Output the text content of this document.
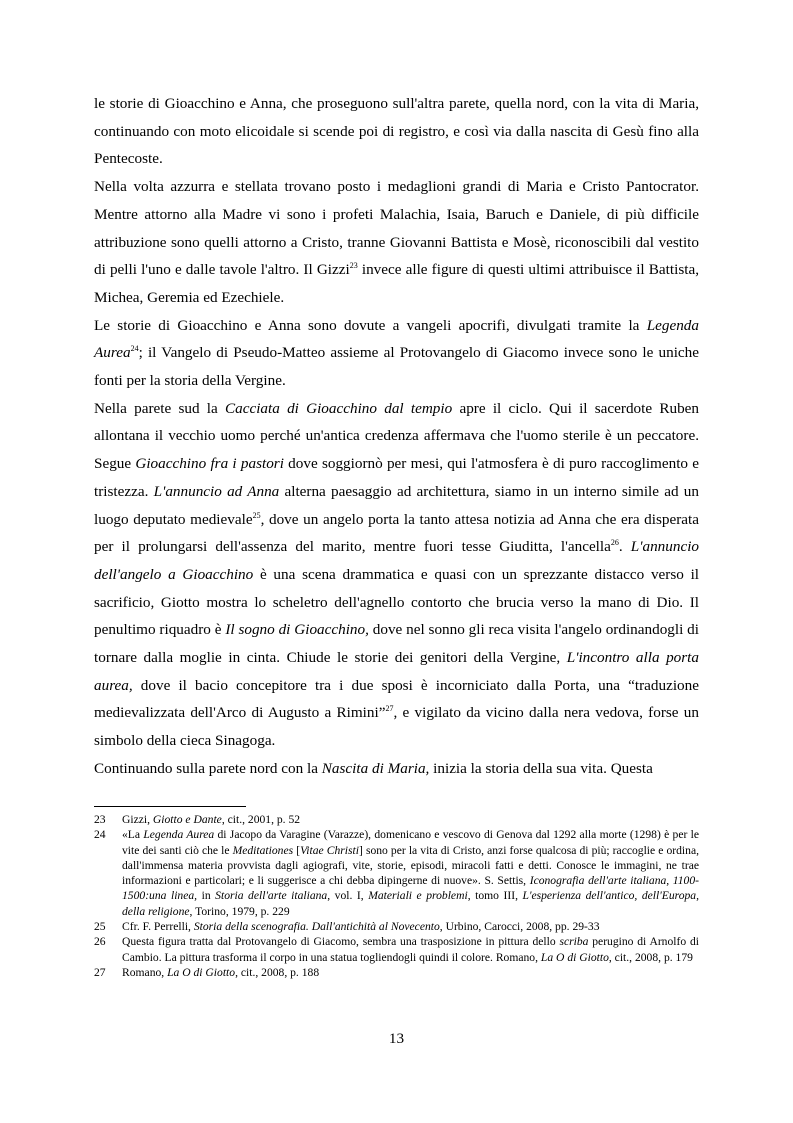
le storie di Gioacchino e Anna, che proseguono sull'altra parete, quella nord, con la vita di Maria, continuando con moto elicoidale si scende poi di registro, e così via dalla nascita di Gesù fino alla Pentecoste.

Nella volta azzurra e stellata trovano posto i medaglioni grandi di Maria e Cristo Pantocrator. Mentre attorno alla Madre vi sono i profeti Malachia, Isaia, Baruch e Daniele, di più difficile attribuzione sono quelli attorno a Cristo, tranne Giovanni Battista e Mosè, riconoscibili dal vestito di pelli l'uno e dalle tavole l'altro. Il Gizzi$^{23}$ invece alle figure di questi ultimi attribuisce il Battista, Michea, Geremia ed Ezechiele.

Le storie di Gioacchino e Anna sono dovute a vangeli apocrifi, divulgati tramite la Legenda Aurea$^{24}$; il Vangelo di Pseudo-Matteo assieme al Protovangelo di Giacomo invece sono le uniche fonti per la storia della Vergine.

Nella parete sud la Cacciata di Gioacchino dal tempio apre il ciclo. Qui il sacerdote Ruben allontana il vecchio uomo perché un'antica credenza affermava che l'uomo sterile è un peccatore. Segue Gioacchino fra i pastori dove soggiornò per mesi, qui l'atmosfera è di puro raccoglimento e tristezza. L'annuncio ad Anna alterna paesaggio ad architettura, siamo in un interno simile ad un luogo deputato medievale$^{25}$, dove un angelo porta la tanto attesa notizia ad Anna che era disperata per il prolungarsi dell'assenza del marito, mentre fuori tesse Giuditta, l'ancella$^{26}$. L'annuncio dell'angelo a Gioacchino è una scena drammatica e quasi con un sprezzante distacco verso il sacrificio, Giotto mostra lo scheletro dell'agnello contorto che brucia verso la mano di Dio. Il penultimo riquadro è Il sogno di Gioacchino, dove nel sonno gli reca visita l'angelo ordinandogli di tornare dalla moglie in cinta. Chiude le storie dei genitori della Vergine, L'incontro alla porta aurea, dove il bacio concepitore tra i due sposi è incorniciato dalla Porta, una “traduzione medievalizzata dell'Arco di Augusto a Rimini”$^{27}$, e vigilato da vicino dalla nera vedova, forse un simbolo della cieca Sinagoga.

Continuando sulla parete nord con la Nascita di Maria, inizia la storia della sua vita. Questa

23	Gizzi, Giotto e Dante, cit., 2001, p. 52
24	«La Legenda Aurea di Jacopo da Varagine (Varazze), domenicano e vescovo di Genova dal 1292 alla morte (1298) è per le vite dei santi ciò che le Meditationes [Vitae Christi] sono per la vita di Cristo, anzi forse qualcosa di più; raccoglie e ordina, dall'immensa materia provvista dagli agiografi, vite, storie, episodi, miracoli fatti e detti. Conosce le immagini, ne trae informazioni e particolari; e li suggerisce a chi debba dipingerne di nuove». S. Settis, Iconografia dell'arte italiana, 1100-1500:una linea, in Storia dell'arte italiana, vol. I, Materiali e problemi, tomo III, L'esperienza dell'antico, dell'Europa, della religione, Torino, 1979, p. 229
25	Cfr. F. Perrelli, Storia della scenografia. Dall'antichità al Novecento, Urbino, Carocci, 2008, pp. 29-33
26	Questa figura tratta dal Protovangelo di Giacomo, sembra una trasposizione in pittura dello scriba perugino di Arnolfo di Cambio. La pittura trasforma il corpo in una statua togliendogli quindi il colore. Romano, La O di Giotto, cit., 2008, p. 179
27	Romano, La O di Giotto, cit., 2008, p. 188
13
